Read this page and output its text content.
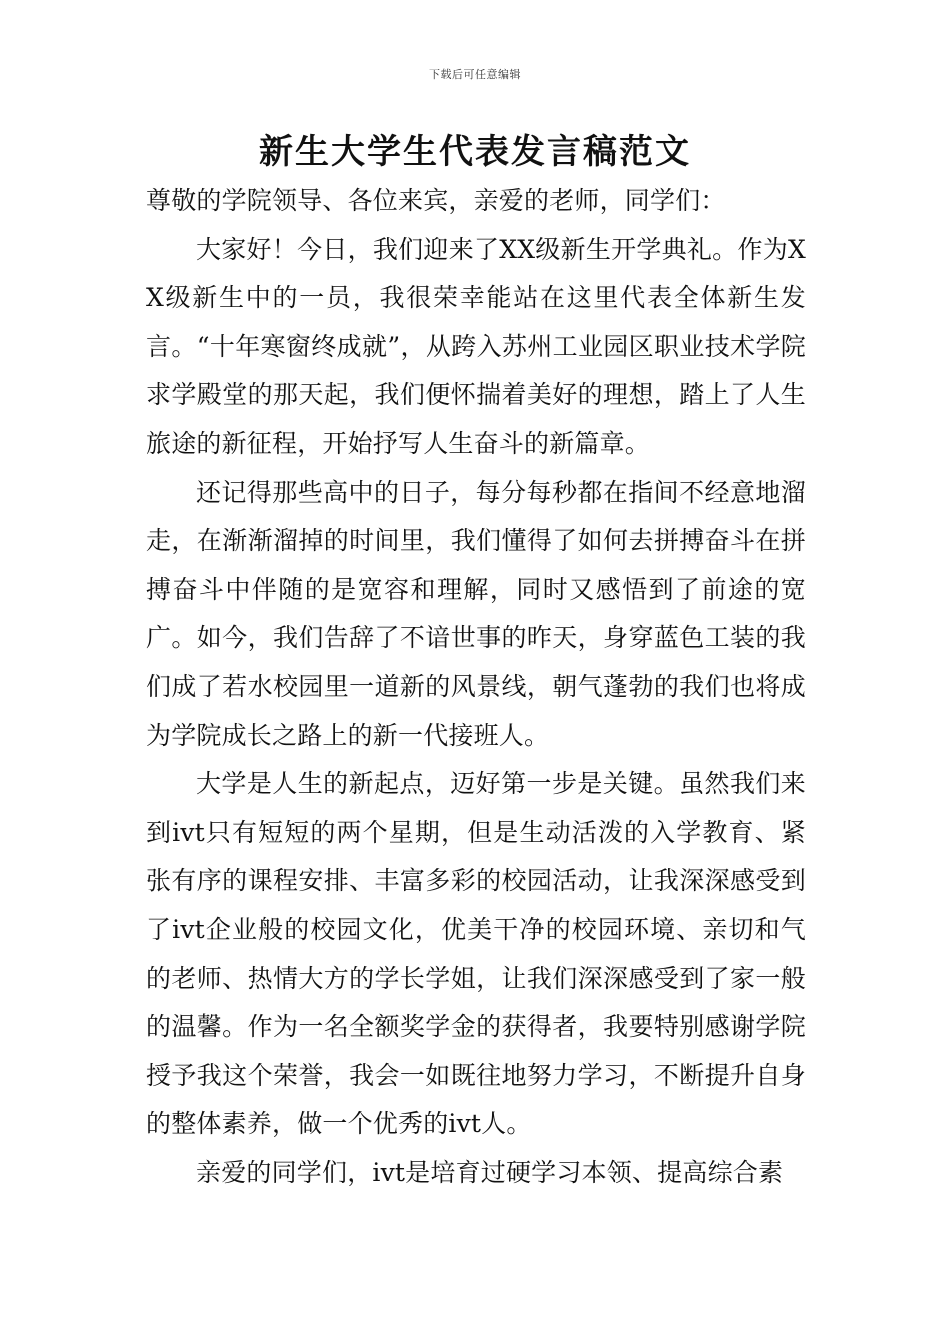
下载后可任意编辑
新生大学生代表发言稿范文

尊敬的学院领导、各位来宾，亲爱的老师，同学们：

大家好！今日，我们迎来了XX级新生开学典礼。作为XX级新生中的一员，我很荣幸能站在这里代表全体新生发言。“十年寒窗终成就”，从跨入苏州工业园区职业技术学院求学殿堂的那天起，我们便怀揣着美好的理想，踏上了人生旅途的新征程，开始抒写人生奋斗的新篇章。

还记得那些高中的日子，每分每秒都在指间不经意地溜走，在渐渐溜掉的时间里，我们懂得了如何去拼搏奋斗在拼搏奋斗中伴随的是宽容和理解，同时又感悟到了前途的宽广。如今，我们告辞了不谙世事的昨天，身穿蓝色工装的我们成了若水校园里一道新的风景线，朝气蓬勃的我们也将成为学院成长之路上的新一代接班人。

大学是人生的新起点，迈好第一步是关键。虽然我们来到ivt只有短短的两个星期，但是生动活泼的入学教育、紧张有序的课程安排、丰富多彩的校园活动，让我深深感受到了ivt企业般的校园文化，优美干净的校园环境、亲切和气的老师、热情大方的学长学姐，让我们深深感受到了家一般的温馨。作为一名全额奖学金的获得者，我要特别感谢学院授予我这个荣誉，我会一如既往地努力学习，不断提升自身的整体素养，做一个优秀的ivt人。

亲爱的同学们，ivt是培育过硬学习本领、提高综合素
